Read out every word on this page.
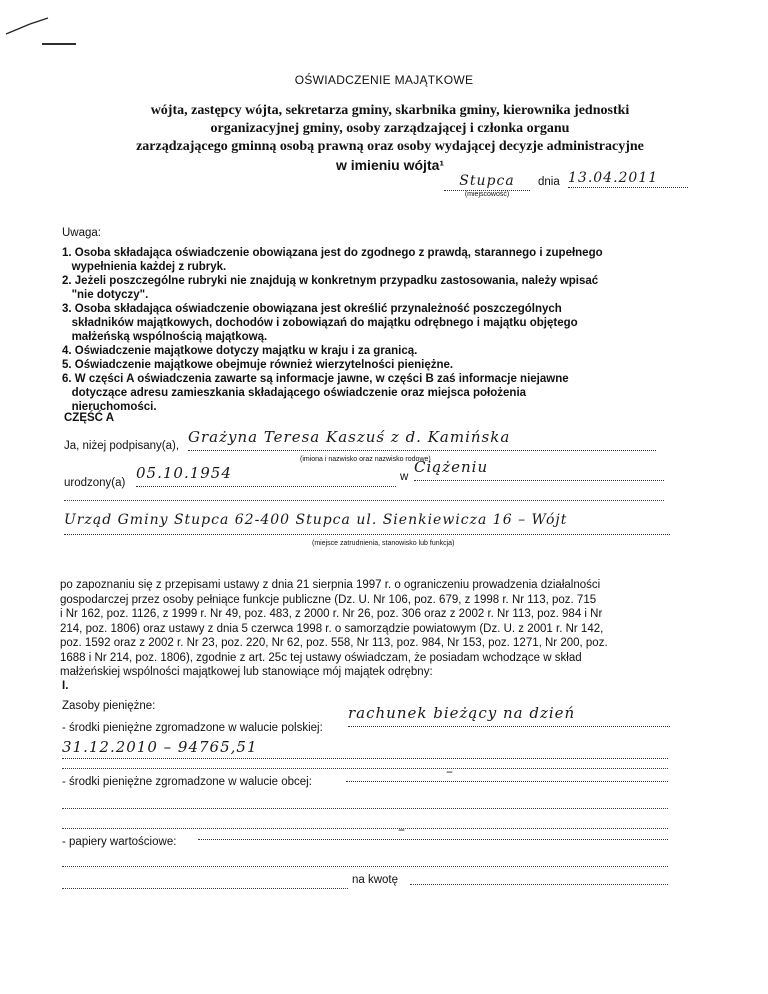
OŚWIADCZENIE MAJĄTKOWE
wójta, zastępcy wójta, sekretarza gminy, skarbnika gminy, kierownika jednostki
organizacyjnej gminy, osoby zarządzającej i członka organu
zarządzającego gminną osobą prawną oraz osoby wydającej decyzje administracyjne
w imieniu wójta¹
Stupca
(miejscowość)
dnia 13.04.2011
Uwaga:
1. Osoba składająca oświadczenie obowiązana jest do zgodnego z prawdą, starannego i zupełnego
wypełnienia każdej z rubryk.
2. Jeżeli poszczególne rubryki nie znajdują w konkretnym przypadku zastosowania, należy wpisać
"nie dotyczy".
3. Osoba składająca oświadczenie obowiązana jest określić przynależność poszczególnych
składników majątkowych, dochodów i zobowiązań do majątku odrębnego i majątku objętego
małżeńską wspólnością majątkową.
4. Oświadczenie majątkowe dotyczy majątku w kraju i za granicą.
5. Oświadczenie majątkowe obejmuje również wierzytelności pieniężne.
6. W części A oświadczenia zawarte są informacje jawne, w części B zaś informacje niejawne
dotyczące adresu zamieszkania składającego oświadczenie oraz miejsca położenia
nieruchomości.
CZĘŚĆ A
Ja, niżej podpisany(a), Grażyna Teresa Kaszuś z d. Kamińska
(imiona i nazwisko oraz nazwisko rodowe)
urodzony(a)
05.10.1954	w
Ciążeniu
Urząd Gminy Stupca 62-400 Stupca ul. Sienkiewicza 16 – Wójt
(miejsce zatrudnienia, stanowisko lub funkcja)
po zapoznaniu się z przepisami ustawy z dnia 21 sierpnia 1997 r. o ograniczeniu prowadzenia działalności
gospodarczej przez osoby pełniące funkcje publiczne (Dz. U. Nr 106, poz. 679, z 1998 r. Nr 113, poz. 715
i Nr 162, poz. 1126, z 1999 r. Nr 49, poz. 483, z 2000 r. Nr 26, poz. 306 oraz z 2002 r. Nr 113, poz. 984 i Nr
214, poz. 1806) oraz ustawy z dnia 5 czerwca 1998 r. o samorządzie powiatowym (Dz. U. z 2001 r. Nr 142,
poz. 1592 oraz z 2002 r. Nr 23, poz. 220, Nr 62, poz. 558, Nr 113, poz. 984, Nr 153, poz. 1271, Nr 200, poz.
1688 i Nr 214, poz. 1806), zgodnie z art. 25c tej ustawy oświadczam, że posiadam wchodzące w skład
małżeńskiej wspólności majątkowej lub stanowiące mój majątek odrębny:
I.
Zasoby pieniężne:
- środki pieniężne zgromadzone w walucie polskiej:
rachunek bieżący na dzień
31.12.2010 – 94765,51
- środki pieniężne zgromadzone w walucie obcej:
–
- papiery wartościowe:
–
na kwotę
